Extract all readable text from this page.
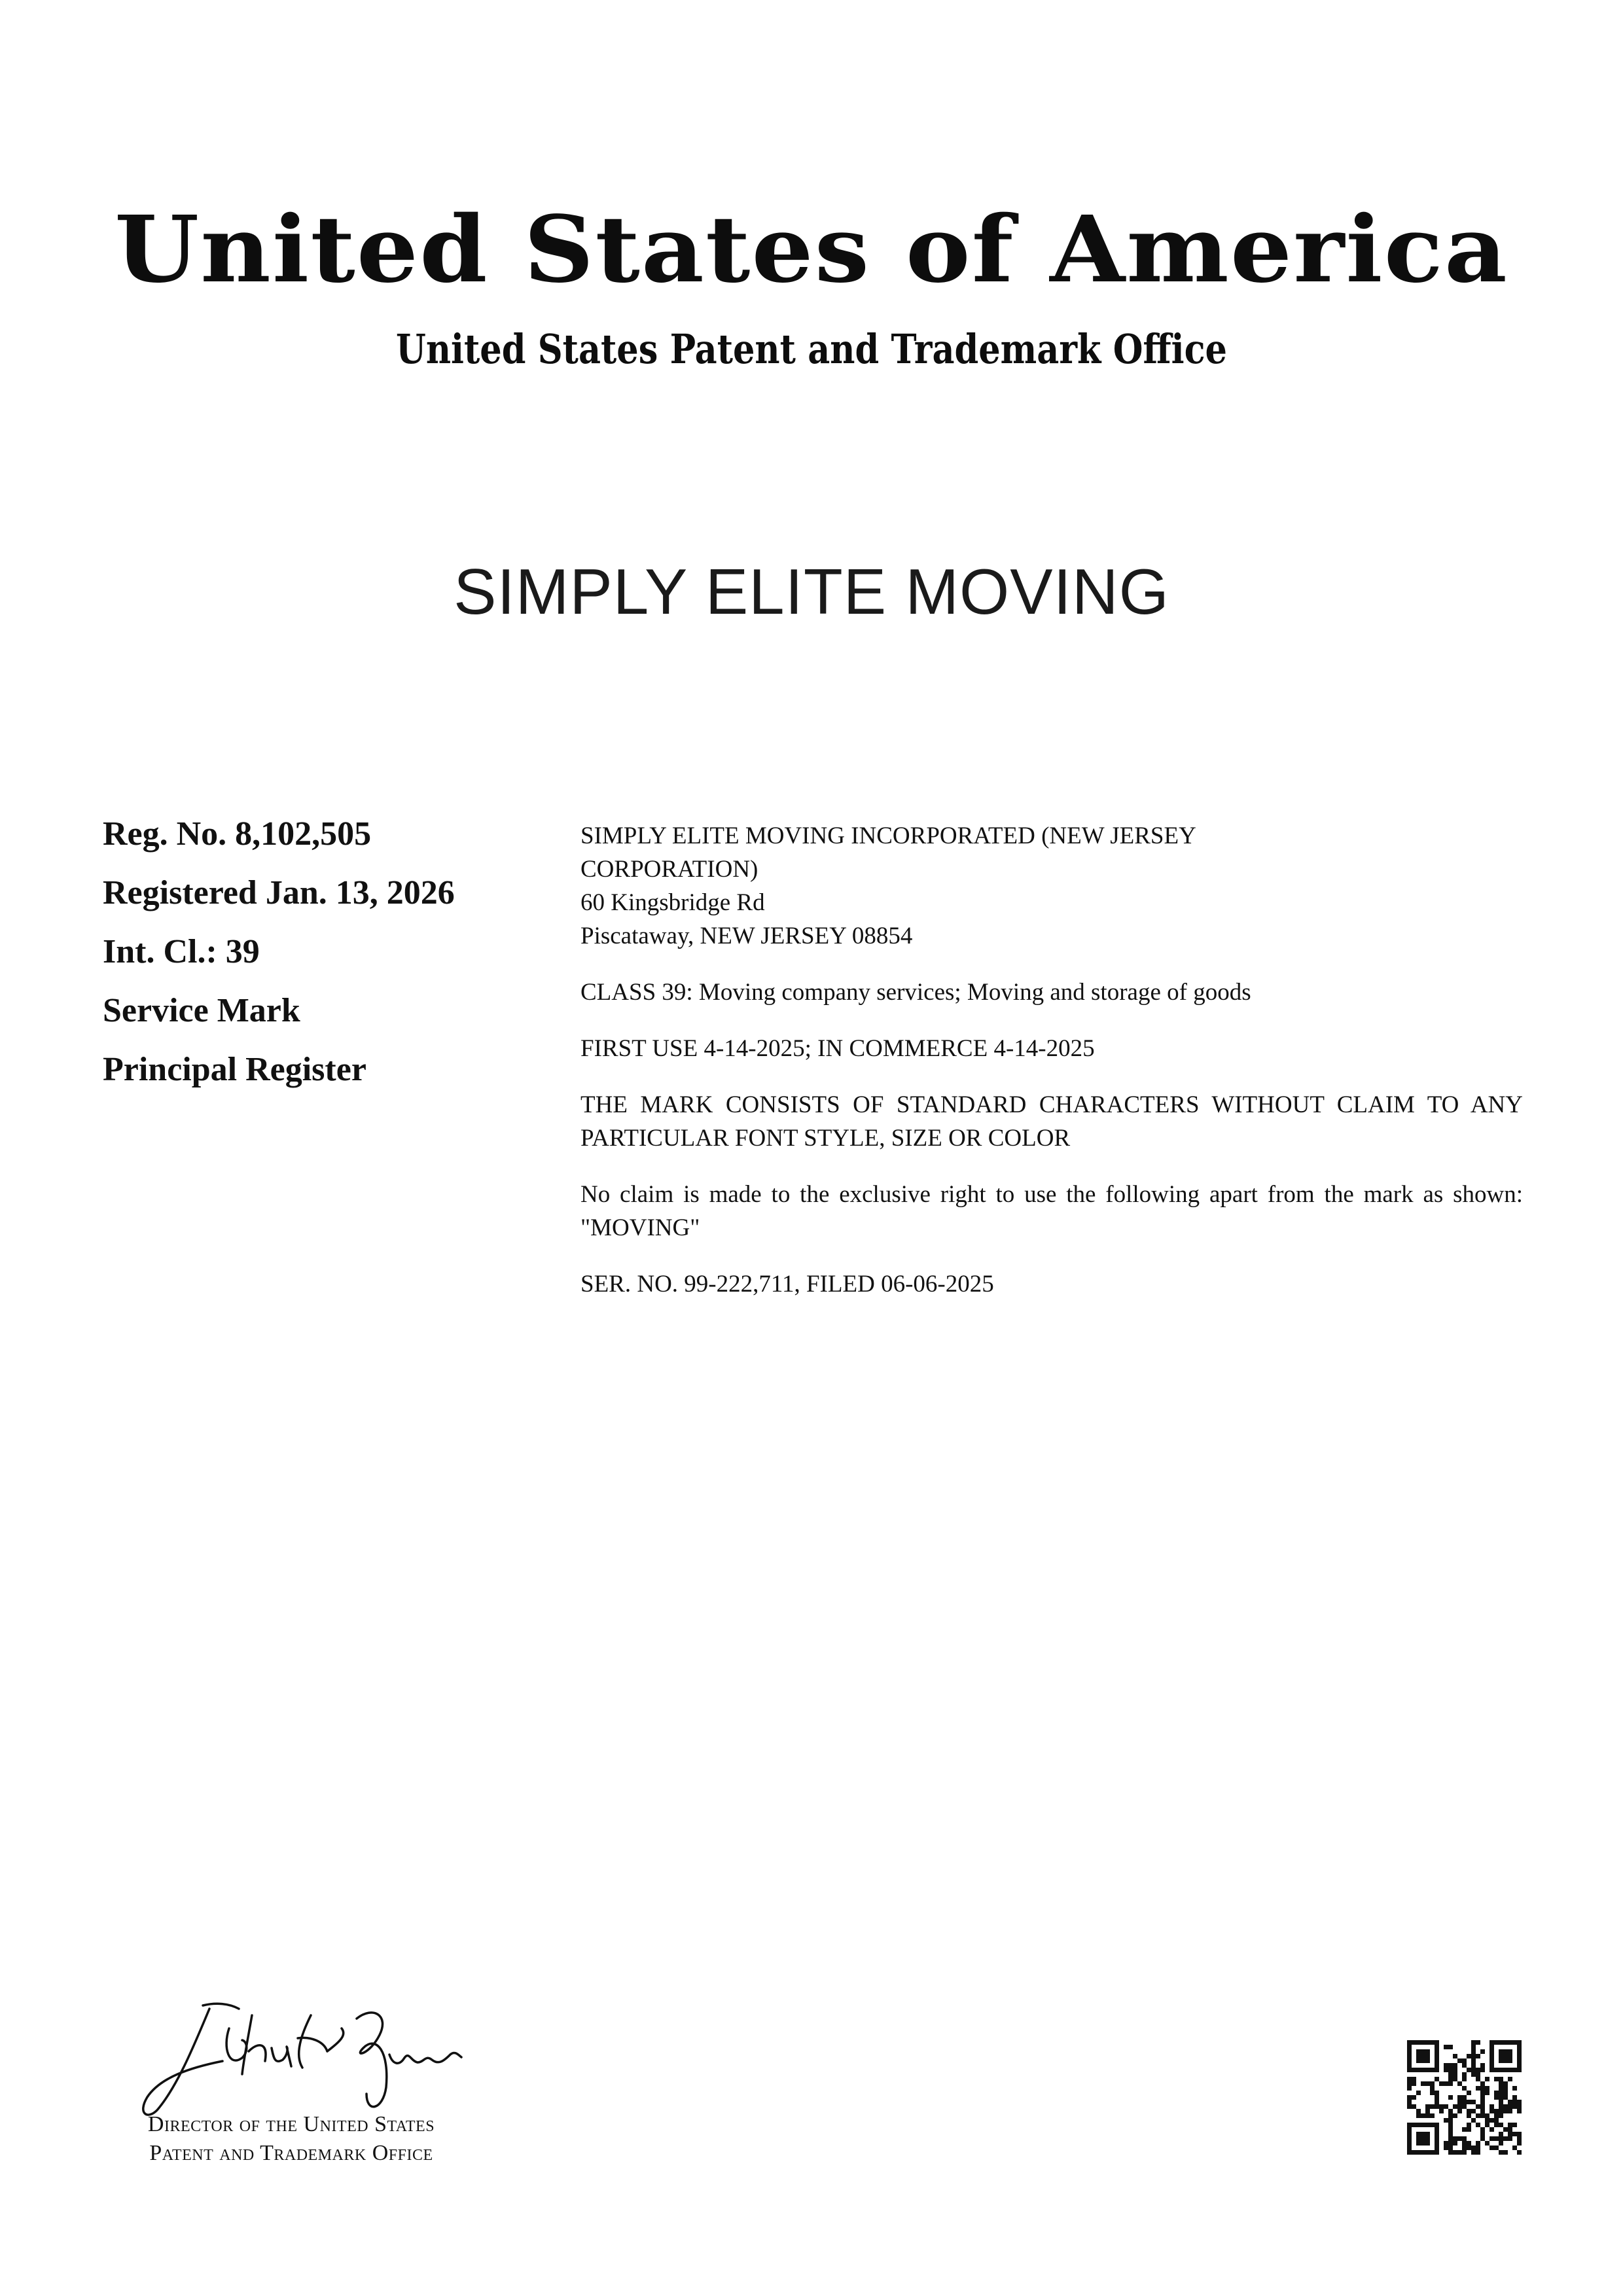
United States of America
United States Patent and Trademark Office
SIMPLY ELITE MOVING
Reg. No. 8,102,505
Registered Jan. 13, 2026
Int. Cl.: 39
Service Mark
Principal Register
SIMPLY ELITE MOVING INCORPORATED (NEW JERSEY CORPORATION)
60 Kingsbridge Rd
Piscataway, NEW JERSEY 08854

CLASS 39: Moving company services; Moving and storage of goods

FIRST USE 4-14-2025; IN COMMERCE 4-14-2025

THE MARK CONSISTS OF STANDARD CHARACTERS WITHOUT CLAIM TO ANY PARTICULAR FONT STYLE, SIZE OR COLOR

No claim is made to the exclusive right to use the following apart from the mark as shown: "MOVING"

SER. NO. 99-222,711, FILED 06-06-2025

Director of the United States
Patent and Trademark Office
